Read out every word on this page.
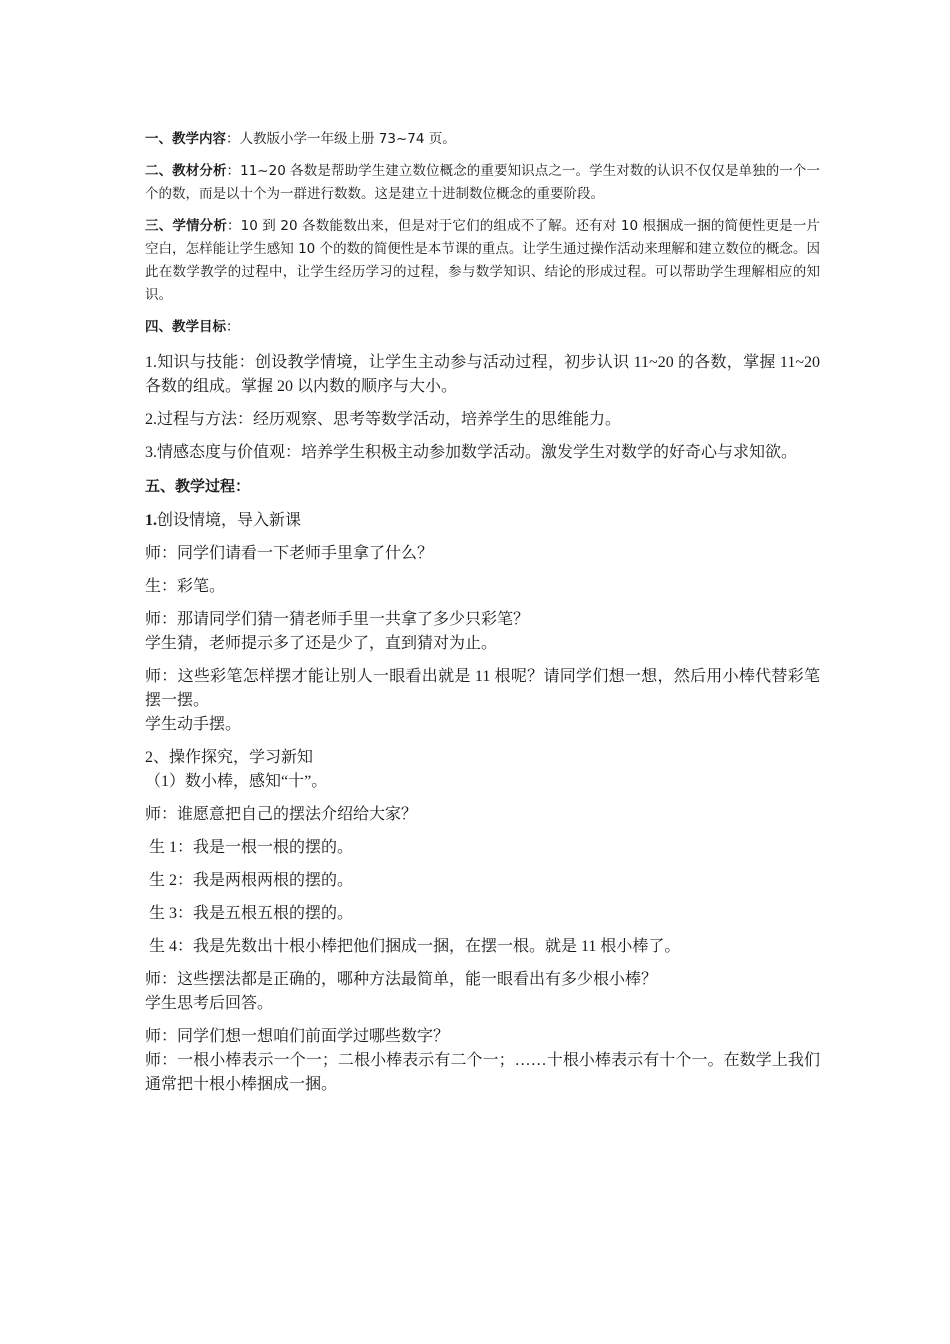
一、教学内容：人教版小学一年级上册 73~74 页。

二、教材分析：11~20 各数是帮助学生建立数位概念的重要知识点之一。学生对数的认识不仅仅是单独的一个一个的数，而是以十个为一群进行数数。这是建立十进制数位概念的重要阶段。

三、学情分析：10 到 20 各数能数出来，但是对于它们的组成不了解。还有对 10 根捆成一捆的简便性更是一片空白，怎样能让学生感知 10 个的数的简便性是本节课的重点。让学生通过操作活动来理解和建立数位的概念。因此在数学教学的过程中，让学生经历学习的过程，参与数学知识、结论的形成过程。可以帮助学生理解相应的知识。

四、教学目标：

1.知识与技能：创设教学情境，让学生主动参与活动过程，初步认识 11~20 的各数，掌握 11~20 各数的组成。掌握 20 以内数的顺序与大小。

2.过程与方法：经历观察、思考等数学活动，培养学生的思维能力。

3.情感态度与价值观：培养学生积极主动参加数学活动。激发学生对数学的好奇心与求知欲。

五、教学过程：

1.创设情境，导入新课

师：同学们请看一下老师手里拿了什么？

生：彩笔。

师：那请同学们猜一猜老师手里一共拿了多少只彩笔？

学生猜，老师提示多了还是少了，直到猜对为止。

师：这些彩笔怎样摆才能让别人一眼看出就是 11 根呢？请同学们想一想，然后用小棒代替彩笔摆一摆。

学生动手摆。

2、操作探究，学习新知

（1）数小棒，感知“十”。

师：谁愿意把自己的摆法介绍给大家？

生 1：我是一根一根的摆的。

生 2：我是两根两根的摆的。

生 3：我是五根五根的摆的。

生 4：我是先数出十根小棒把他们捆成一捆，在摆一根。就是 11 根小棒了。

师：这些摆法都是正确的，哪种方法最简单，能一眼看出有多少根小棒？

学生思考后回答。

师：同学们想一想咱们前面学过哪些数字？

师：一根小棒表示一个一；二根小棒表示有二个一；……十根小棒表示有十个一。在数学上我们通常把十根小棒捆成一捆。
